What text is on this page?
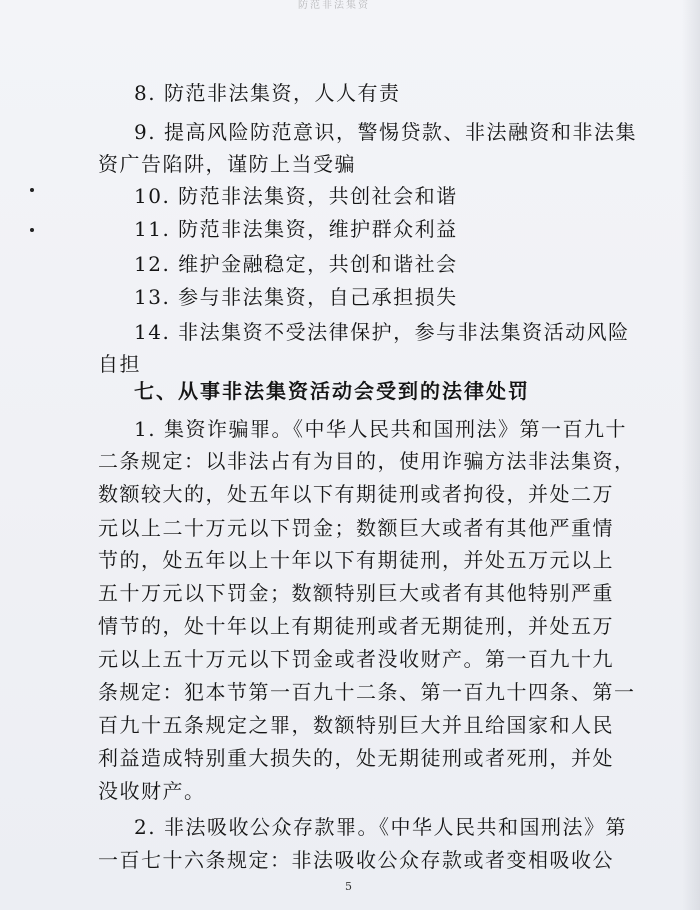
防范非法集资
8. 防范非法集资，人人有责
9. 提高风险防范意识，警惕贷款、非法融资和非法集
资广告陷阱，谨防上当受骗
10. 防范非法集资，共创社会和谐
11. 防范非法集资，维护群众利益
12. 维护金融稳定，共创和谐社会
13. 参与非法集资，自己承担损失
14. 非法集资不受法律保护，参与非法集资活动风险
自担
七、从事非法集资活动会受到的法律处罚
1. 集资诈骗罪。《中华人民共和国刑法》第一百九十
二条规定：以非法占有为目的，使用诈骗方法非法集资，
数额较大的，处五年以下有期徒刑或者拘役，并处二万
元以上二十万元以下罚金；数额巨大或者有其他严重情
节的，处五年以上十年以下有期徒刑，并处五万元以上
五十万元以下罚金；数额特别巨大或者有其他特别严重
情节的，处十年以上有期徒刑或者无期徒刑，并处五万
元以上五十万元以下罚金或者没收财产。第一百九十九
条规定：犯本节第一百九十二条、第一百九十四条、第一
百九十五条规定之罪，数额特别巨大并且给国家和人民
利益造成特别重大损失的，处无期徒刑或者死刑，并处
没收财产。
2. 非法吸收公众存款罪。《中华人民共和国刑法》第
一百七十六条规定：非法吸收公众存款或者变相吸收公
5
